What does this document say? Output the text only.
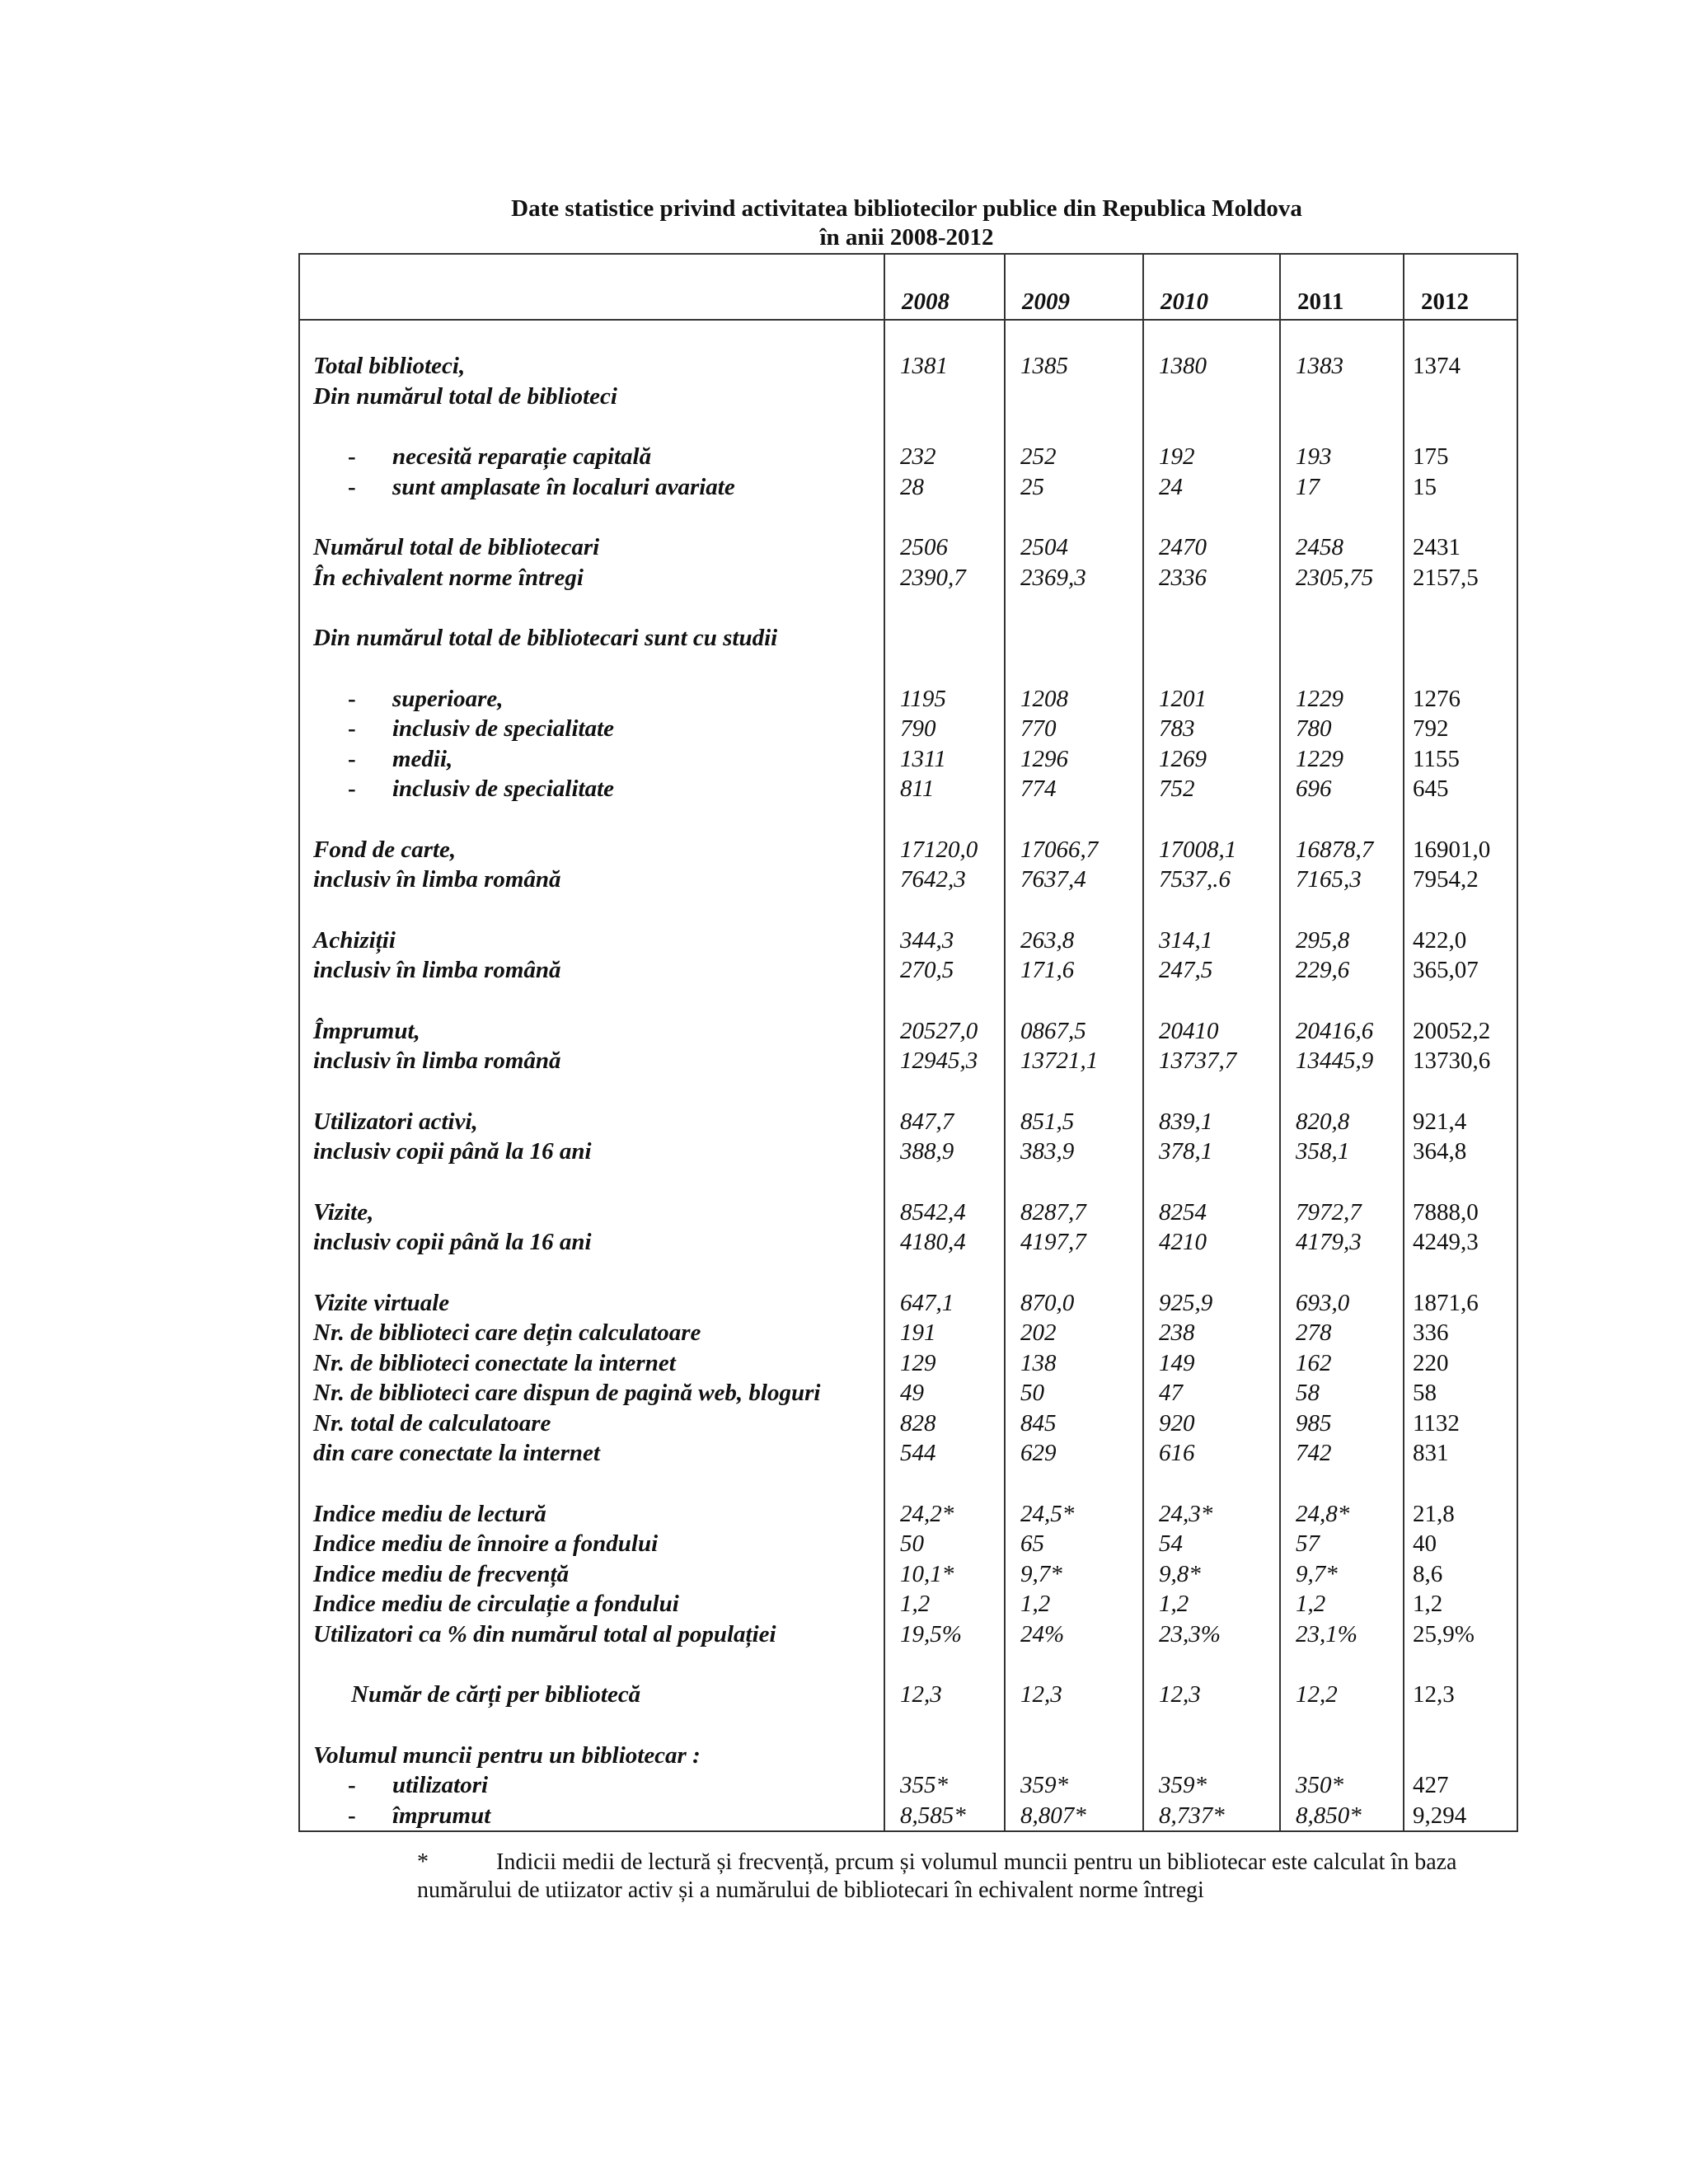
Date statistice privind activitatea bibliotecilor publice din Republica Moldova
în anii 2008-2012
	2008	2009	2010	2011	2012

Total biblioteci,	1381	1385	1380	1383	1374
Din numărul total de biblioteci					

- necesită reparație capitală	232	252	192	193	175
- sunt amplasate în localuri avariate	28	25	24	17	15

Numărul total de bibliotecari	2506	2504	2470	2458	2431
În echivalent norme întregi	2390,7	2369,3	2336	2305,75	2157,5

Din numărul total de bibliotecari sunt cu studii					

- superioare,	1195	1208	1201	1229	1276
- inclusiv de specialitate	790	770	783	780	792
- medii,	1311	1296	1269	1229	1155
- inclusiv de specialitate	811	774	752	696	645

Fond de carte,	17120,0	17066,7	17008,1	16878,7	16901,0
inclusiv în limba română	7642,3	7637,4	7537,.6	7165,3	7954,2

Achiziții	344,3	263,8	314,1	295,8	422,0
inclusiv în limba română	270,5	171,6	247,5	229,6	365,07

Împrumut,	20527,0	0867,5	20410	20416,6	20052,2
inclusiv în limba română	12945,3	13721,1	13737,7	13445,9	13730,6

Utilizatori activi,	847,7	851,5	839,1	820,8	921,4
inclusiv copii până la 16 ani	388,9	383,9	378,1	358,1	364,8

Vizite,	8542,4	8287,7	8254	7972,7	7888,0
inclusiv copii până la 16 ani	4180,4	4197,7	4210	4179,3	4249,3

Vizite virtuale	647,1	870,0	925,9	693,0	1871,6
Nr. de biblioteci care dețin calculatoare	191	202	238	278	336
Nr. de biblioteci conectate la internet	129	138	149	162	220
Nr. de biblioteci care dispun de pagină web, bloguri	49	50	47	58	58
Nr. total de calculatoare	828	845	920	985	1132
din care conectate la internet	544	629	616	742	831

Indice mediu de lectură	24,2*	24,5*	24,3*	24,8*	21,8
Indice mediu de înnoire a fondului	50	65	54	57	40
Indice mediu de frecvență	10,1*	9,7*	9,8*	9,7*	8,6
Indice mediu de circulație a fondului	1,2	1,2	1,2	1,2	1,2
Utilizatori ca % din numărul total al populației	19,5%	24%	23,3%	23,1%	25,9%

Număr de cărți per bibliotecă	12,3	12,3	12,3	12,2	12,3

Volumul muncii pentru un bibliotecar :					
- utilizatori	355*	359*	359*	350*	427
- împrumut	8,585*	8,807*	8,737*	8,850*	9,294
*	Indicii medii de lectură și frecvență, prcum și volumul muncii pentru un bibliotecar este calculat în baza numărului de utiizator activ și a numărului de bibliotecari în echivalent norme întregi
